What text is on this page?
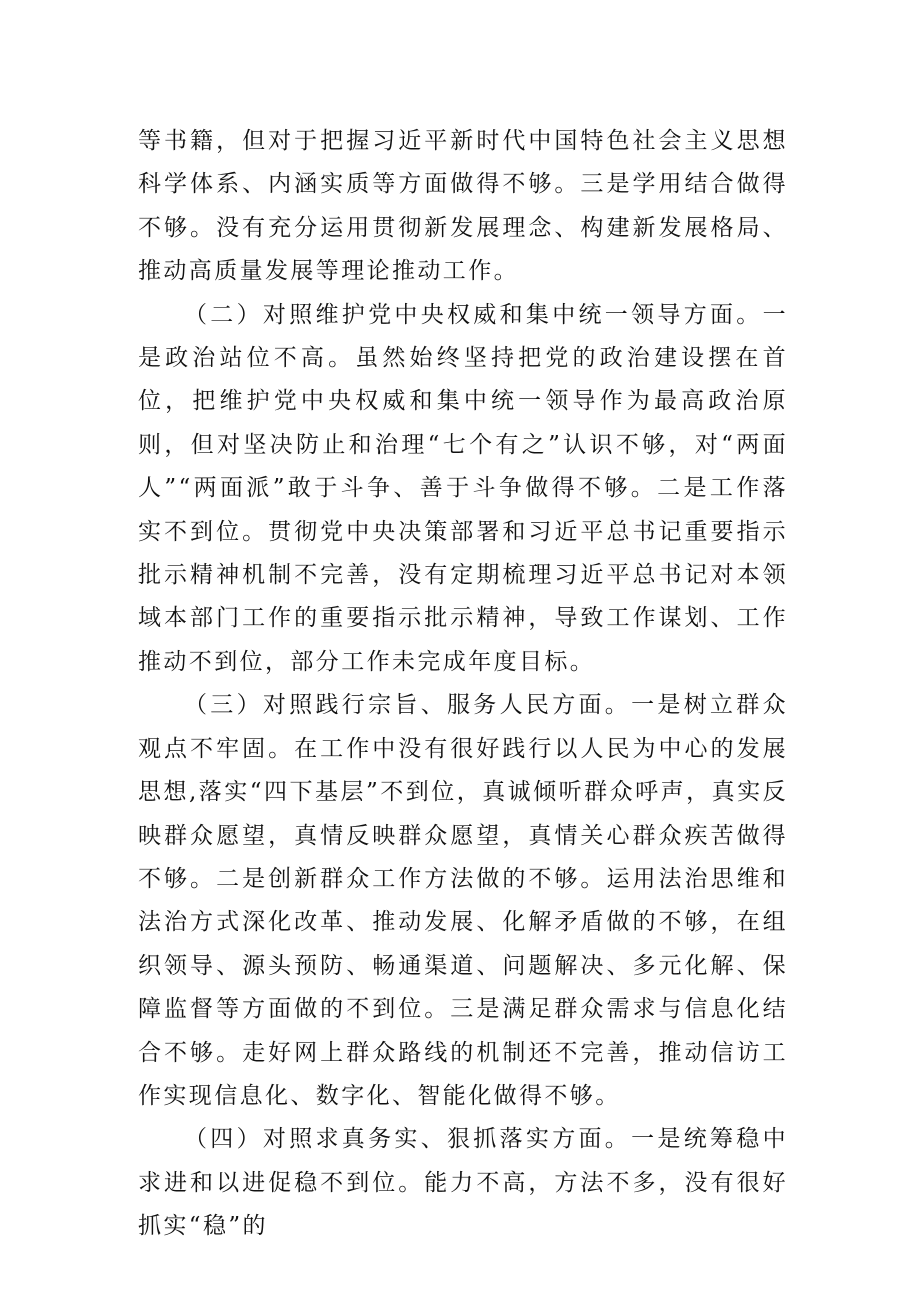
等书籍，但对于把握习近平新时代中国特色社会主义思想科学体系、内涵实质等方面做得不够。三是学用结合做得不够。没有充分运用贯彻新发展理念、构建新发展格局、推动高质量发展等理论推动工作。

（二）对照维护党中央权威和集中统一领导方面。一是政治站位不高。虽然始终坚持把党的政治建设摆在首位，把维护党中央权威和集中统一领导作为最高政治原则，但对坚决防止和治理“七个有之”认识不够，对“两面人”“两面派”敢于斗争、善于斗争做得不够。二是工作落实不到位。贯彻党中央决策部署和习近平总书记重要指示批示精神机制不完善，没有定期梳理习近平总书记对本领域本部门工作的重要指示批示精神，导致工作谋划、工作推动不到位，部分工作未完成年度目标。

（三）对照践行宗旨、服务人民方面。一是树立群众观点不牢固。在工作中没有很好践行以人民为中心的发展思想,落实“四下基层”不到位，真诚倾听群众呼声，真实反映群众愿望，真情反映群众愿望，真情关心群众疾苦做得不够。二是创新群众工作方法做的不够。运用法治思维和法治方式深化改革、推动发展、化解矛盾做的不够，在组织领导、源头预防、畅通渠道、问题解决、多元化解、保障监督等方面做的不到位。三是满足群众需求与信息化结合不够。走好网上群众路线的机制还不完善，推动信访工作实现信息化、数字化、智能化做得不够。

（四）对照求真务实、狠抓落实方面。一是统筹稳中求进和以进促稳不到位。能力不高，方法不多，没有很好抓实“稳”的
